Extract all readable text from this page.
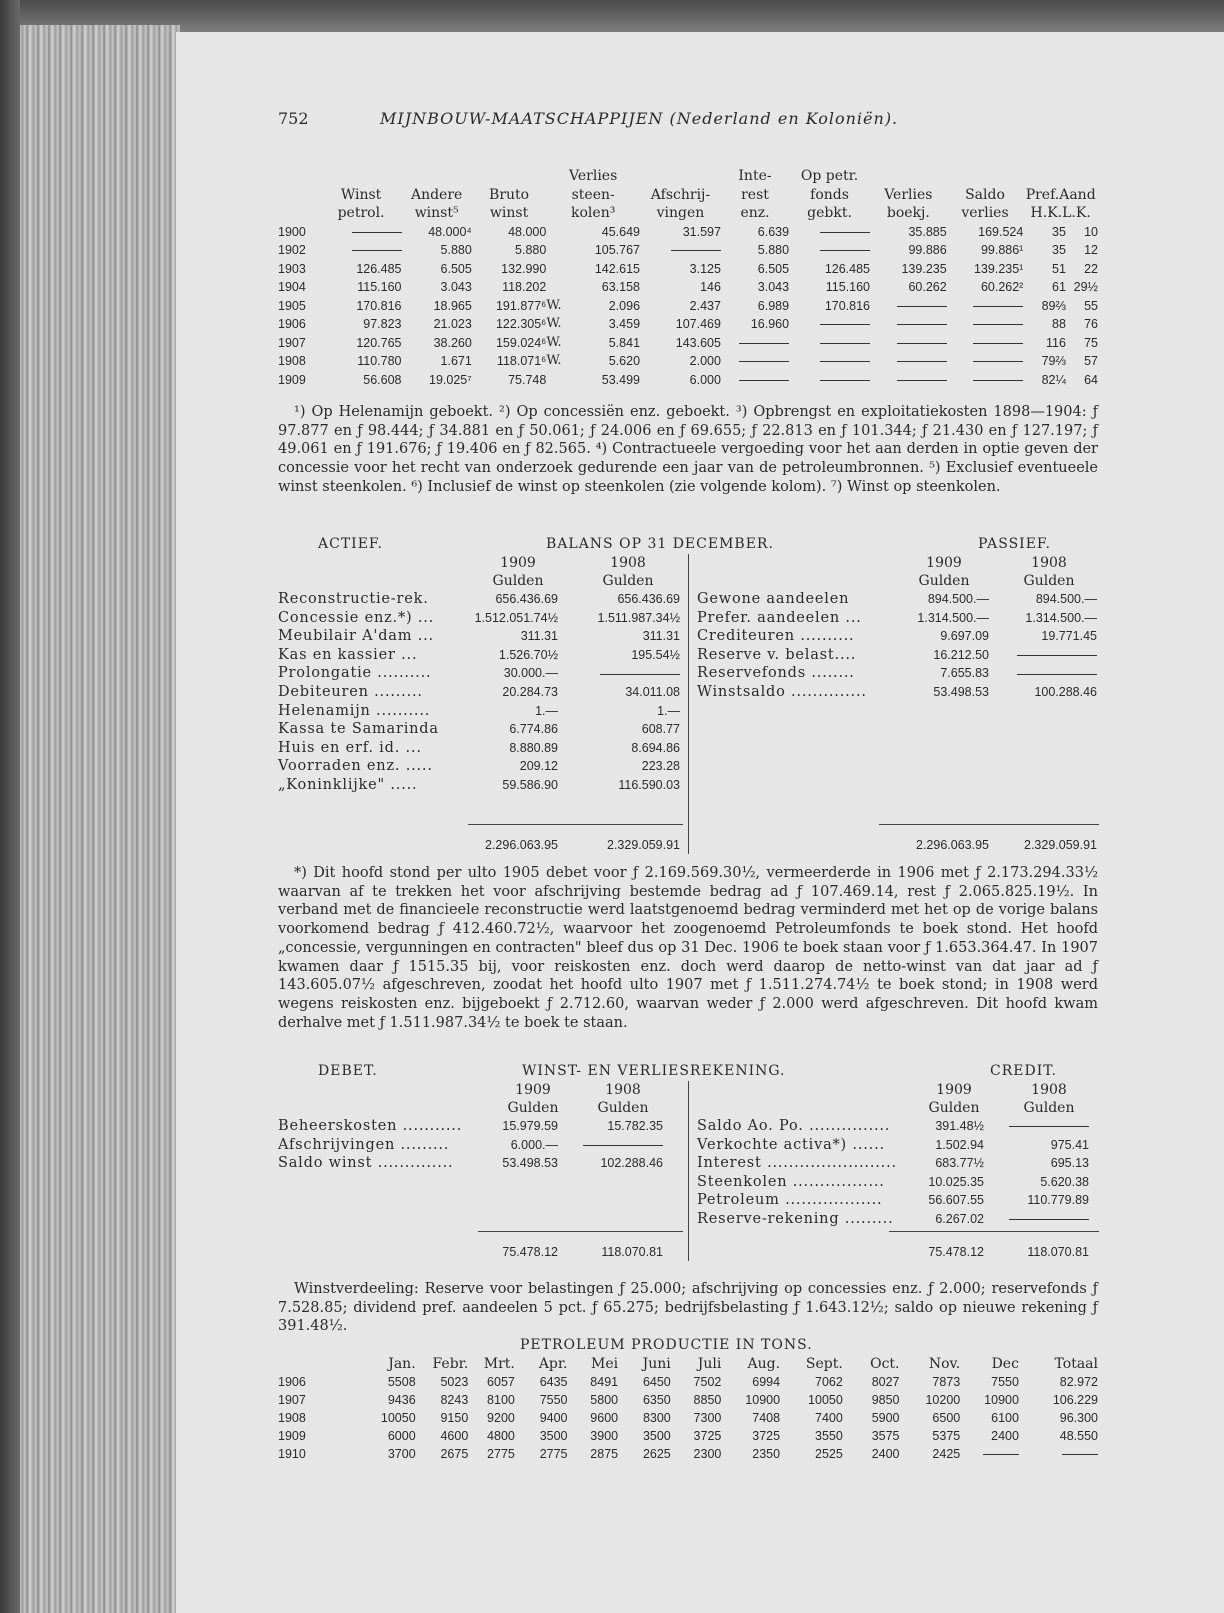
752	MIJNBOUW-MAATSCHAPPIJEN (Nederland en Koloniën).
				Verlies			Inte-	Op petr.				
	Winst	Andere	Bruto	steen-		Afschrij-	rest	fonds	Verlies	Saldo	Pref.Aand	
	petrol.	winst⁵	winst	kolen³		vingen	enz.	gebkt.	boekj.	verlies	H.K.L.K.	
1900		48.000⁴	48.000		45.649	31.597	6.639		35.885	169.524	35	10
1902		5.880	5.880		105.767		5.880		99.886	99.886¹	35	12
1903	126.485	6.505	132.990		142.615	3.125	6.505	126.485	139.235	139.235¹	51	22
1904	115.160	3.043	118.202		63.158	146	3.043	115.160	60.262	60.262²	61	29½
1905	170.816	18.965	191.877⁶	W.	2.096	2.437	6.989	170.816			89⅔	55
1906	97.823	21.023	122.305⁶	W.	3.459	107.469	16.960				88	76
1907	120.765	38.260	159.024⁶	W.	5.841	143.605					116	75
1908	110.780	1.671	118.071⁶	W.	5.620	2.000					79⅔	57
1909	56.608	19.025⁷	75.748		53.499	6.000					82¼	64

¹) Op Helenamijn geboekt. ²) Op concessiën enz. geboekt. ³) Opbrengst en exploitatiekosten 1898—1904: ƒ 97.877 en ƒ 98.444; ƒ 34.881 en ƒ 50.061; ƒ 24.006 en ƒ 69.655; ƒ 22.813 en ƒ 101.344; ƒ 21.430 en ƒ 127.197; ƒ 49.061 en ƒ 191.676; ƒ 19.406 en ƒ 82.565. ⁴) Contractueele vergoeding voor het aan derden in optie geven der concessie voor het recht van onderzoek gedurende een jaar van de petroleumbronnen. ⁵) Exclusief eventueele winst steenkolen. ⁶) Inclusief de winst op steenkolen (zie volgende kolom). ⁷) Winst op steenkolen.

ACTIEF.	BALANS OP 31 DECEMBER.	PASSIEF.
1909	1908
Gulden	Gulden
Reconstructie-rek.	656.436.69	656.436.69
Concessie enz.*) ...	1.512.051.74½	1.511.987.34½
Meubilair A'dam ...	311.31	311.31
Kas en kassier ...	1.526.70½	195.54½
Prolongatie ..........	30.000.—
Debiteuren .........	20.284.73	34.011.08
Helenamijn ..........	1.—	1.—
Kassa te Samarinda	6.774.86	608.77
Huis en erf. id. ...	8.880.89	8.694.86
Voorraden enz. .....	209.12	223.28
„Koninklijke" .....	59.586.90	116.590.03
2.296.063.95	2.329.059.91
1909	1908
Gulden	Gulden
Gewone aandeelen	894.500.—	894.500.—
Prefer. aandeelen ...	1.314.500.—	1.314.500.—
Crediteuren ..........	9.697.09	19.771.45
Reserve v. belast....	16.212.50
Reservefonds ........	7.655.83
Winstsaldo ..............	53.498.53	100.288.46
2.296.063.95	2.329.059.91

*) Dit hoofd stond per ulto 1905 debet voor ƒ 2.169.569.30½, vermeerderde in 1906 met ƒ 2.173.294.33½ waarvan af te trekken het voor afschrijving bestemde bedrag ad ƒ 107.469.14, rest ƒ 2.065.825.19½. In verband met de financieele reconstructie werd laatstgenoemd bedrag verminderd met het op de vorige balans voorkomend bedrag ƒ 412.460.72½, waarvoor het zoogenoemd Petroleumfonds te boek stond. Het hoofd „concessie, vergunningen en contracten" bleef dus op 31 Dec. 1906 te boek staan voor ƒ 1.653.364.47. In 1907 kwamen daar ƒ 1515.35 bij, voor reiskosten enz. doch werd daarop de netto-winst van dat jaar ad ƒ 143.605.07½ afgeschreven, zoodat het hoofd ulto 1907 met ƒ 1.511.274.74½ te boek stond; in 1908 werd wegens reiskosten enz. bijgeboekt ƒ 2.712.60, waarvan weder ƒ 2.000 werd afgeschreven. Dit hoofd kwam derhalve met ƒ 1.511.987.34½ te boek te staan.

DEBET.	WINST- EN VERLIESREKENING.	CREDIT.
1909	1908
Gulden	Gulden
Beheerskosten ...........	15.979.59	15.782.35
Afschrijvingen .........	6.000.—
Saldo winst ..............	53.498.53	102.288.46
75.478.12	118.070.81
1909	1908
Gulden	Gulden
Saldo Ao. Po. ...............	391.48½
Verkochte activa*) ......	1.502.94	975.41
Interest ........................	683.77½	695.13
Steenkolen .................	10.025.35	5.620.38
Petroleum ..................	56.607.55	110.779.89
Reserve-rekening .........	6.267.02
75.478.12	118.070.81

Winstverdeeling: Reserve voor belastingen ƒ 25.000; afschrijving op concessies enz. ƒ 2.000; reservefonds ƒ 7.528.85; dividend pref. aandeelen 5 pct. ƒ 65.275; bedrijfsbelasting ƒ 1.643.12½; saldo op nieuwe rekening ƒ 391.48½.

PETROLEUM PRODUCTIE IN TONS.
	Jan.	Febr.	Mrt.	Apr.	Mei	Juni	Juli	Aug.	Sept.	Oct.	Nov.	Dec	Totaal
1906	5508	5023	6057	6435	8491	6450	7502	6994	7062	8027	7873	7550	82.972
1907	9436	8243	8100	7550	5800	6350	8850	10900	10050	9850	10200	10900	106.229
1908	10050	9150	9200	9400	9600	8300	7300	7408	7400	5900	6500	6100	96.300
1909	6000	4600	4800	3500	3900	3500	3725	3725	3550	3575	5375	2400	48.550
1910	3700	2675	2775	2775	2875	2625	2300	2350	2525	2400	2425		
